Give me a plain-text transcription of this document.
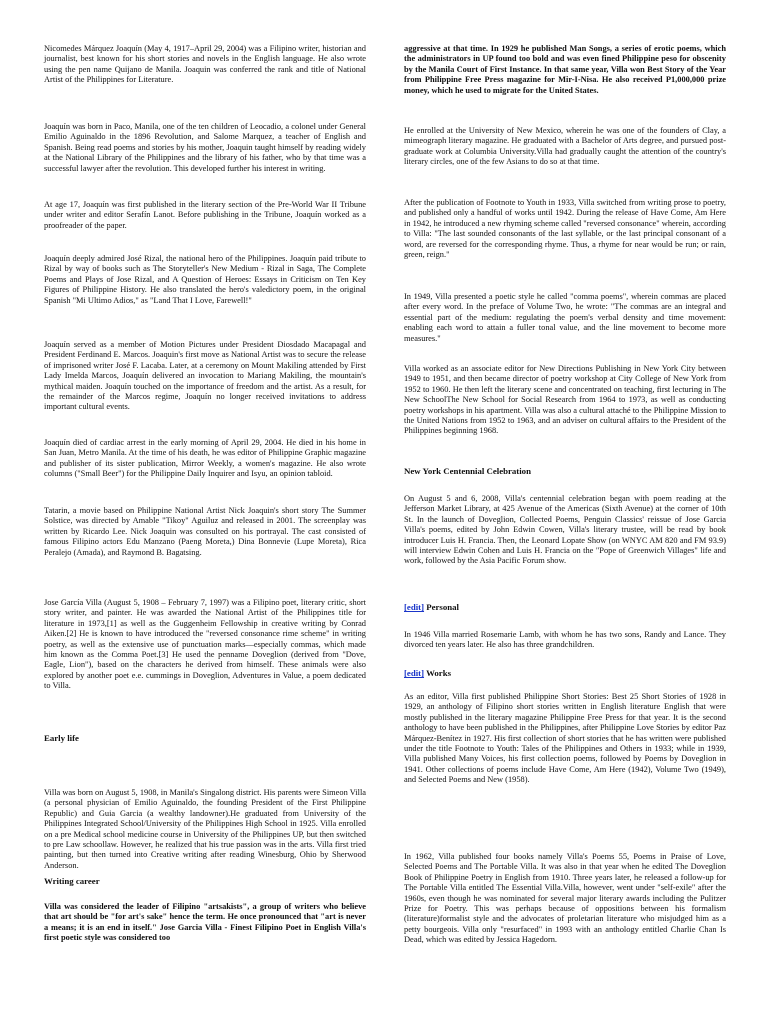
Nicomedes Márquez Joaquín (May 4, 1917–April 29, 2004) was a Filipino writer, historian and journalist, best known for his short stories and novels in the English language. He also wrote using the pen name Quijano de Manila. Joaquin was conferred the rank and title of National Artist of the Philippines for Literature.

Joaquín was born in Paco, Manila, one of the ten children of Leocadio, a colonel under General Emilio Aguinaldo in the 1896 Revolution, and Salome Marquez, a teacher of English and Spanish. Being read poems and stories by his mother, Joaquin taught himself by reading widely at the National Library of the Philippines and the library of his father, who by that time was a successful lawyer after the revolution. This developed further his interest in writing.

At age 17, Joaquín was first published in the literary section of the Pre-World War II Tribune under writer and editor Serafín Lanot. Before publishing in the Tribune, Joaquín worked as a proofreader of the paper.

Joaquín deeply admired José Rizal, the national hero of the Philippines. Joaquín paid tribute to Rizal by way of books such as The Storyteller's New Medium - Rizal in Saga, The Complete Poems and Plays of Jose Rizal, and A Question of Heroes: Essays in Criticism on Ten Key Figures of Philippine History. He also translated the hero's valedictory poem, in the original Spanish "Mi Ultimo Adios," as "Land That I Love, Farewell!"

Joaquín served as a member of Motion Pictures under President Diosdado Macapagal and President Ferdinand E. Marcos. Joaquin's first move as National Artist was to secure the release of imprisoned writer José F. Lacaba. Later, at a ceremony on Mount Makiling attended by First Lady Imelda Marcos, Joaquín delivered an invocation to Mariang Makiling, the mountain's mythical maiden. Joaquín touched on the importance of freedom and the artist. As a result, for the remainder of the Marcos regime, Joaquín no longer received invitations to address important cultural events.

Joaquín died of cardiac arrest in the early morning of April 29, 2004. He died in his home in San Juan, Metro Manila. At the time of his death, he was editor of Philippine Graphic magazine and publisher of its sister publication, Mirror Weekly, a women's magazine. He also wrote columns ("Small Beer") for the Philippine Daily Inquirer and Isyu, an opinion tabloid.

Tatarin, a movie based on Philippine National Artist Nick Joaquin's short story The Summer Solstice, was directed by Amable "Tikoy" Aguiluz and released in 2001. The screenplay was written by Ricardo Lee. Nick Joaquin was consulted on his portrayal. The cast consisted of famous Filipino actors Edu Manzano (Paeng Moreta,) Dina Bonnevie (Lupe Moreta), Rica Peralejo (Amada), and Raymond B. Bagatsing.

Jose García Villa (August 5, 1908 – February 7, 1997) was a Filipino poet, literary critic, short story writer, and painter. He was awarded the National Artist of the Philippines title for literature in 1973,[1] as well as the Guggenheim Fellowship in creative writing by Conrad Aiken.[2] He is known to have introduced the "reversed consonance rime scheme" in writing poetry, as well as the extensive use of punctuation marks—especially commas, which made him known as the Comma Poet.[3] He used the penname Doveglion (derived from "Dove, Eagle, Lion"), based on the characters he derived from himself. These animals were also explored by another poet e.e. cummings in Doveglion, Adventures in Value, a poem dedicated to Villa.

Early life

Villa was born on August 5, 1908, in Manila's Singalong district. His parents were Simeon Villa (a personal physician of Emilio Aguinaldo, the founding President of the First Philippine Republic) and Guia Garcia (a wealthy landowner).He graduated from University of the Philippines Integrated School/University of the Philippines High School in 1925. Villa enrolled on a pre Medical school medicine course in University of the Philippines UP, but then switched to pre Law schoollaw. However, he realized that his true passion was in the arts. Villa first tried painting, but then turned into Creative writing after reading Winesburg, Ohio by Sherwood Anderson.

Writing career

Villa was considered the leader of Filipino "artsakists", a group of writers who believe that art should be "for art's sake" hence the term. He once pronounced that "art is never a means; it is an end in itself." Jose Garcia Villa - Finest Filipino Poet in English Villa's first poetic style was considered too

aggressive at that time. In 1929 he published Man Songs, a series of erotic poems, which the administrators in UP found too bold and was even fined Philippine peso for obscenity by the Manila Court of First Instance. In that same year, Villa won Best Story of the Year from Philippine Free Press magazine for Mir-I-Nisa. He also received P1,000,000 prize money, which he used to migrate for the United States.

He enrolled at the University of New Mexico, wherein he was one of the founders of Clay, a mimeograph literary magazine. He graduated with a Bachelor of Arts degree, and pursued post-graduate work at Columbia University.Villa had gradually caught the attention of the country's literary circles, one of the few Asians to do so at that time.

After the publication of Footnote to Youth in 1933, Villa switched from writing prose to poetry, and published only a handful of works until 1942. During the release of Have Come, Am Here in 1942, he introduced a new rhyming scheme called "reversed consonance" wherein, according to Villa: "The last sounded consonants of the last syllable, or the last principal consonant of a word, are reversed for the corresponding rhyme. Thus, a rhyme for near would be run; or rain, green, reign."

In 1949, Villa presented a poetic style he called "comma poems", wherein commas are placed after every word. In the preface of Volume Two, he wrote: "The commas are an integral and essential part of the medium: regulating the poem's verbal density and time movement: enabling each word to attain a fuller tonal value, and the line movement to become more measures."

Villa worked as an associate editor for New Directions Publishing in New York City between 1949 to 1951, and then became director of poetry workshop at City College of New York from 1952 to 1960. He then left the literary scene and concentrated on teaching, first lecturing in The New SchoolThe New School for Social Research from 1964 to 1973, as well as conducting poetry workshops in his apartment. Villa was also a cultural attaché to the Philippine Mission to the United Nations from 1952 to 1963, and an adviser on cultural affairs to the President of the Philippines beginning 1968.

New York Centennial Celebration

On August 5 and 6, 2008, Villa's centennial celebration began with poem reading at the Jefferson Market Library, at 425 Avenue of the Americas (Sixth Avenue) at the corner of 10th St. In the launch of Doveglion, Collected Poems, Penguin Classics' reissue of Jose Garcia Villa's poems, edited by John Edwin Cowen, Villa's literary trustee, will be read by book introducer Luis H. Francia. Then, the Leonard Lopate Show (on WNYC AM 820 and FM 93.9) will interview Edwin Cohen and Luis H. Francia on the "Pope of Greenwich Villages" life and work, followed by the Asia Pacific Forum show.

[edit] Personal

In 1946 Villa married Rosemarie Lamb, with whom he has two sons, Randy and Lance. They divorced ten years later. He also has three grandchildren.

[edit] Works

As an editor, Villa first published Philippine Short Stories: Best 25 Short Stories of 1928 in 1929, an anthology of Filipino short stories written in English literature English that were mostly published in the literary magazine Philippine Free Press for that year. It is the second anthology to have been published in the Philippines, after Philippine Love Stories by editor Paz Márquez-Benítez in 1927. His first collection of short stories that he has written were published under the title Footnote to Youth: Tales of the Philippines and Others in 1933; while in 1939, Villa published Many Voices, his first collection poems, followed by Poems by Doveglion in 1941. Other collections of poems include Have Come, Am Here (1942), Volume Two (1949), and Selected Poems and New (1958).

In 1962, Villa published four books namely Villa's Poems 55, Poems in Praise of Love, Selected Poems and The Portable Villa. It was also in that year when he edited The Doveglion Book of Philippine Poetry in English from 1910. Three years later, he released a follow-up for The Portable Villa entitled The Essential Villa.Villa, however, went under "self-exile" after the 1960s, even though he was nominated for several major literary awards including the Pulitzer Prize for Poetry. This was perhaps because of oppositions between his formalism (literature)formalist style and the advocates of proletarian literature who misjudged him as a petty bourgeois. Villa only "resurfaced" in 1993 with an anthology entitled Charlie Chan Is Dead, which was edited by Jessica Hagedorn.
